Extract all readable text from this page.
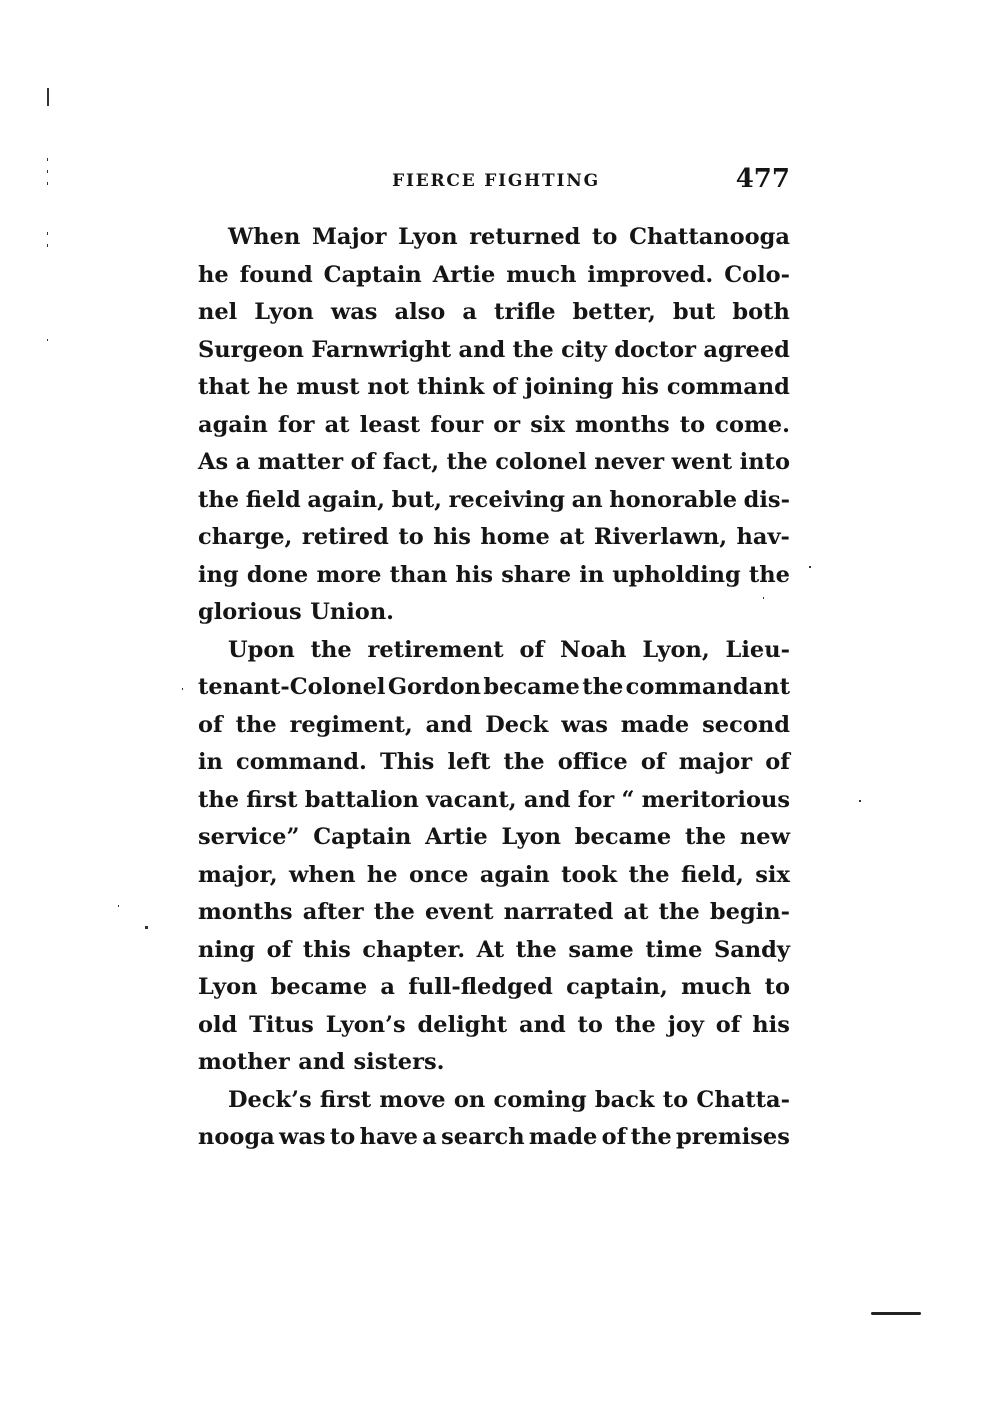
FIERCE FIGHTING	477
When Major Lyon returned to Chattanooga
he found Captain Artie much improved. Colo-
nel Lyon was also a trifle better, but both
Surgeon Farnwright and the city doctor agreed
that he must not think of joining his command
again for at least four or six months to come.
As a matter of fact, the colonel never went into
the field again, but, receiving an honorable dis-
charge, retired to his home at Riverlawn, hav-
ing done more than his share in upholding the
glorious Union.
Upon the retirement of Noah Lyon, Lieu-
tenant-Colonel Gordon became the commandant
of the regiment, and Deck was made second
in command. This left the office of major of
the first battalion vacant, and for “ meritorious
service” Captain Artie Lyon became the new
major, when he once again took the field, six
months after the event narrated at the begin-
ning of this chapter. At the same time Sandy
Lyon became a full-fledged captain, much to
old Titus Lyon’s delight and to the joy of his
mother and sisters.
Deck’s first move on coming back to Chatta-
nooga was to have a search made of the premises
